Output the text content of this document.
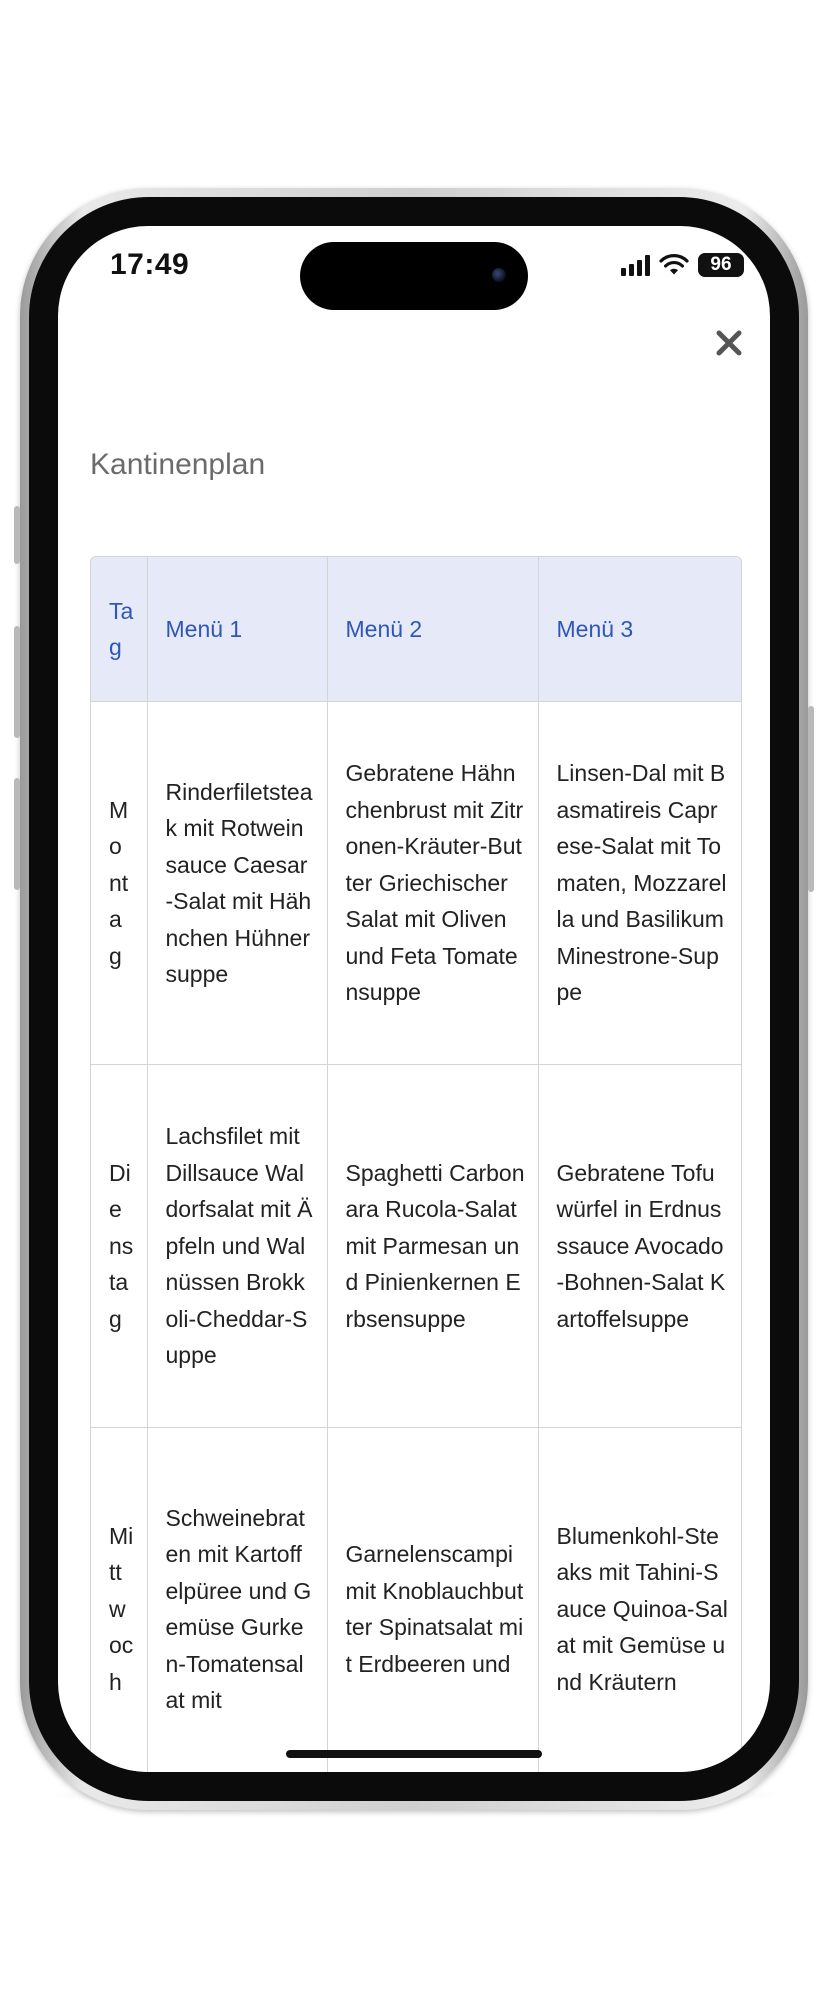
17:49	96
Kantinenplan
Tag	Menü 1	Menü 2	Menü 3
Montag	Rinderfiletsteak mit Rotweinsauce Caesar-Salat mit Hähnchen Hühnersuppe	Gebratene Hähnchenbrust mit Zitronen-Kräuter-Butter Griechischer Salat mit Oliven und Feta Tomatensuppe	Linsen-Dal mit Basmatireis Caprese-Salat mit Tomaten, Mozzarella und Basilikum Minestrone-Suppe
Dienstag	Lachsfilet mit Dillsauce Waldorfsalat mit Äpfeln und Walnüssen Brokkoli-Cheddar-Suppe	Spaghetti Carbonara Rucola-Salat mit Parmesan und Pinienkernen Erbsensuppe	Gebratene Tofuwürfel in Erdnusssauce Avocado-Bohnen-Salat Kartoffelsuppe
Mittwoch	Schweinebraten mit Kartoffelpüree und Gemüse Gurken-Tomatensalat mit	Garnelenscampi mit Knoblauchbutter Spinatsalat mit Erdbeeren und	Blumenkohl-Steaks mit Tahini-Sauce Quinoa-Salat mit Gemüse und Kräutern
